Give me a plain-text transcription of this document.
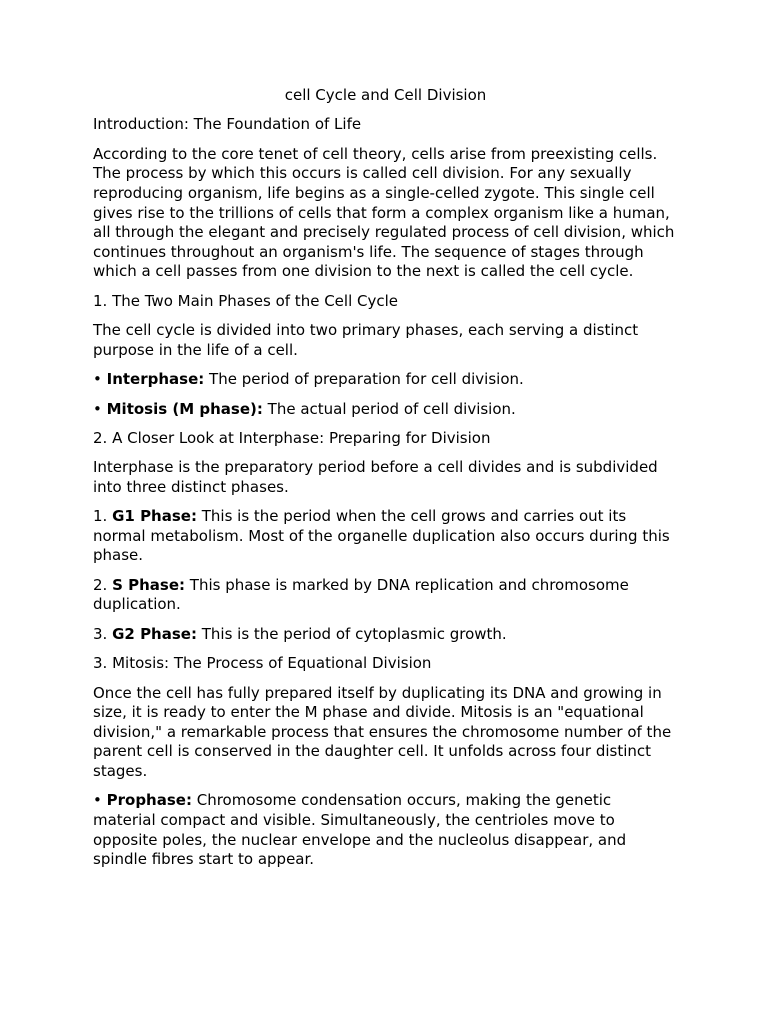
cell Cycle and Cell Division

Introduction: The Foundation of Life

According to the core tenet of cell theory, cells arise from preexisting cells. The process by which this occurs is called cell division. For any sexually reproducing organism, life begins as a single-celled zygote. This single cell gives rise to the trillions of cells that form a complex organism like a human, all through the elegant and precisely regulated process of cell division, which continues throughout an organism's life. The sequence of stages through which a cell passes from one division to the next is called the cell cycle.

1. The Two Main Phases of the Cell Cycle

The cell cycle is divided into two primary phases, each serving a distinct purpose in the life of a cell.

• Interphase: The period of preparation for cell division.

• Mitosis (M phase): The actual period of cell division.

2. A Closer Look at Interphase: Preparing for Division

Interphase is the preparatory period before a cell divides and is subdivided into three distinct phases.

1. G1 Phase: This is the period when the cell grows and carries out its normal metabolism. Most of the organelle duplication also occurs during this phase.

2. S Phase: This phase is marked by DNA replication and chromosome duplication.

3. G2 Phase: This is the period of cytoplasmic growth.

3. Mitosis: The Process of Equational Division

Once the cell has fully prepared itself by duplicating its DNA and growing in size, it is ready to enter the M phase and divide. Mitosis is an "equational division," a remarkable process that ensures the chromosome number of the parent cell is conserved in the daughter cell. It unfolds across four distinct stages.

• Prophase: Chromosome condensation occurs, making the genetic material compact and visible. Simultaneously, the centrioles move to opposite poles, the nuclear envelope and the nucleolus disappear, and spindle fibres start to appear.
